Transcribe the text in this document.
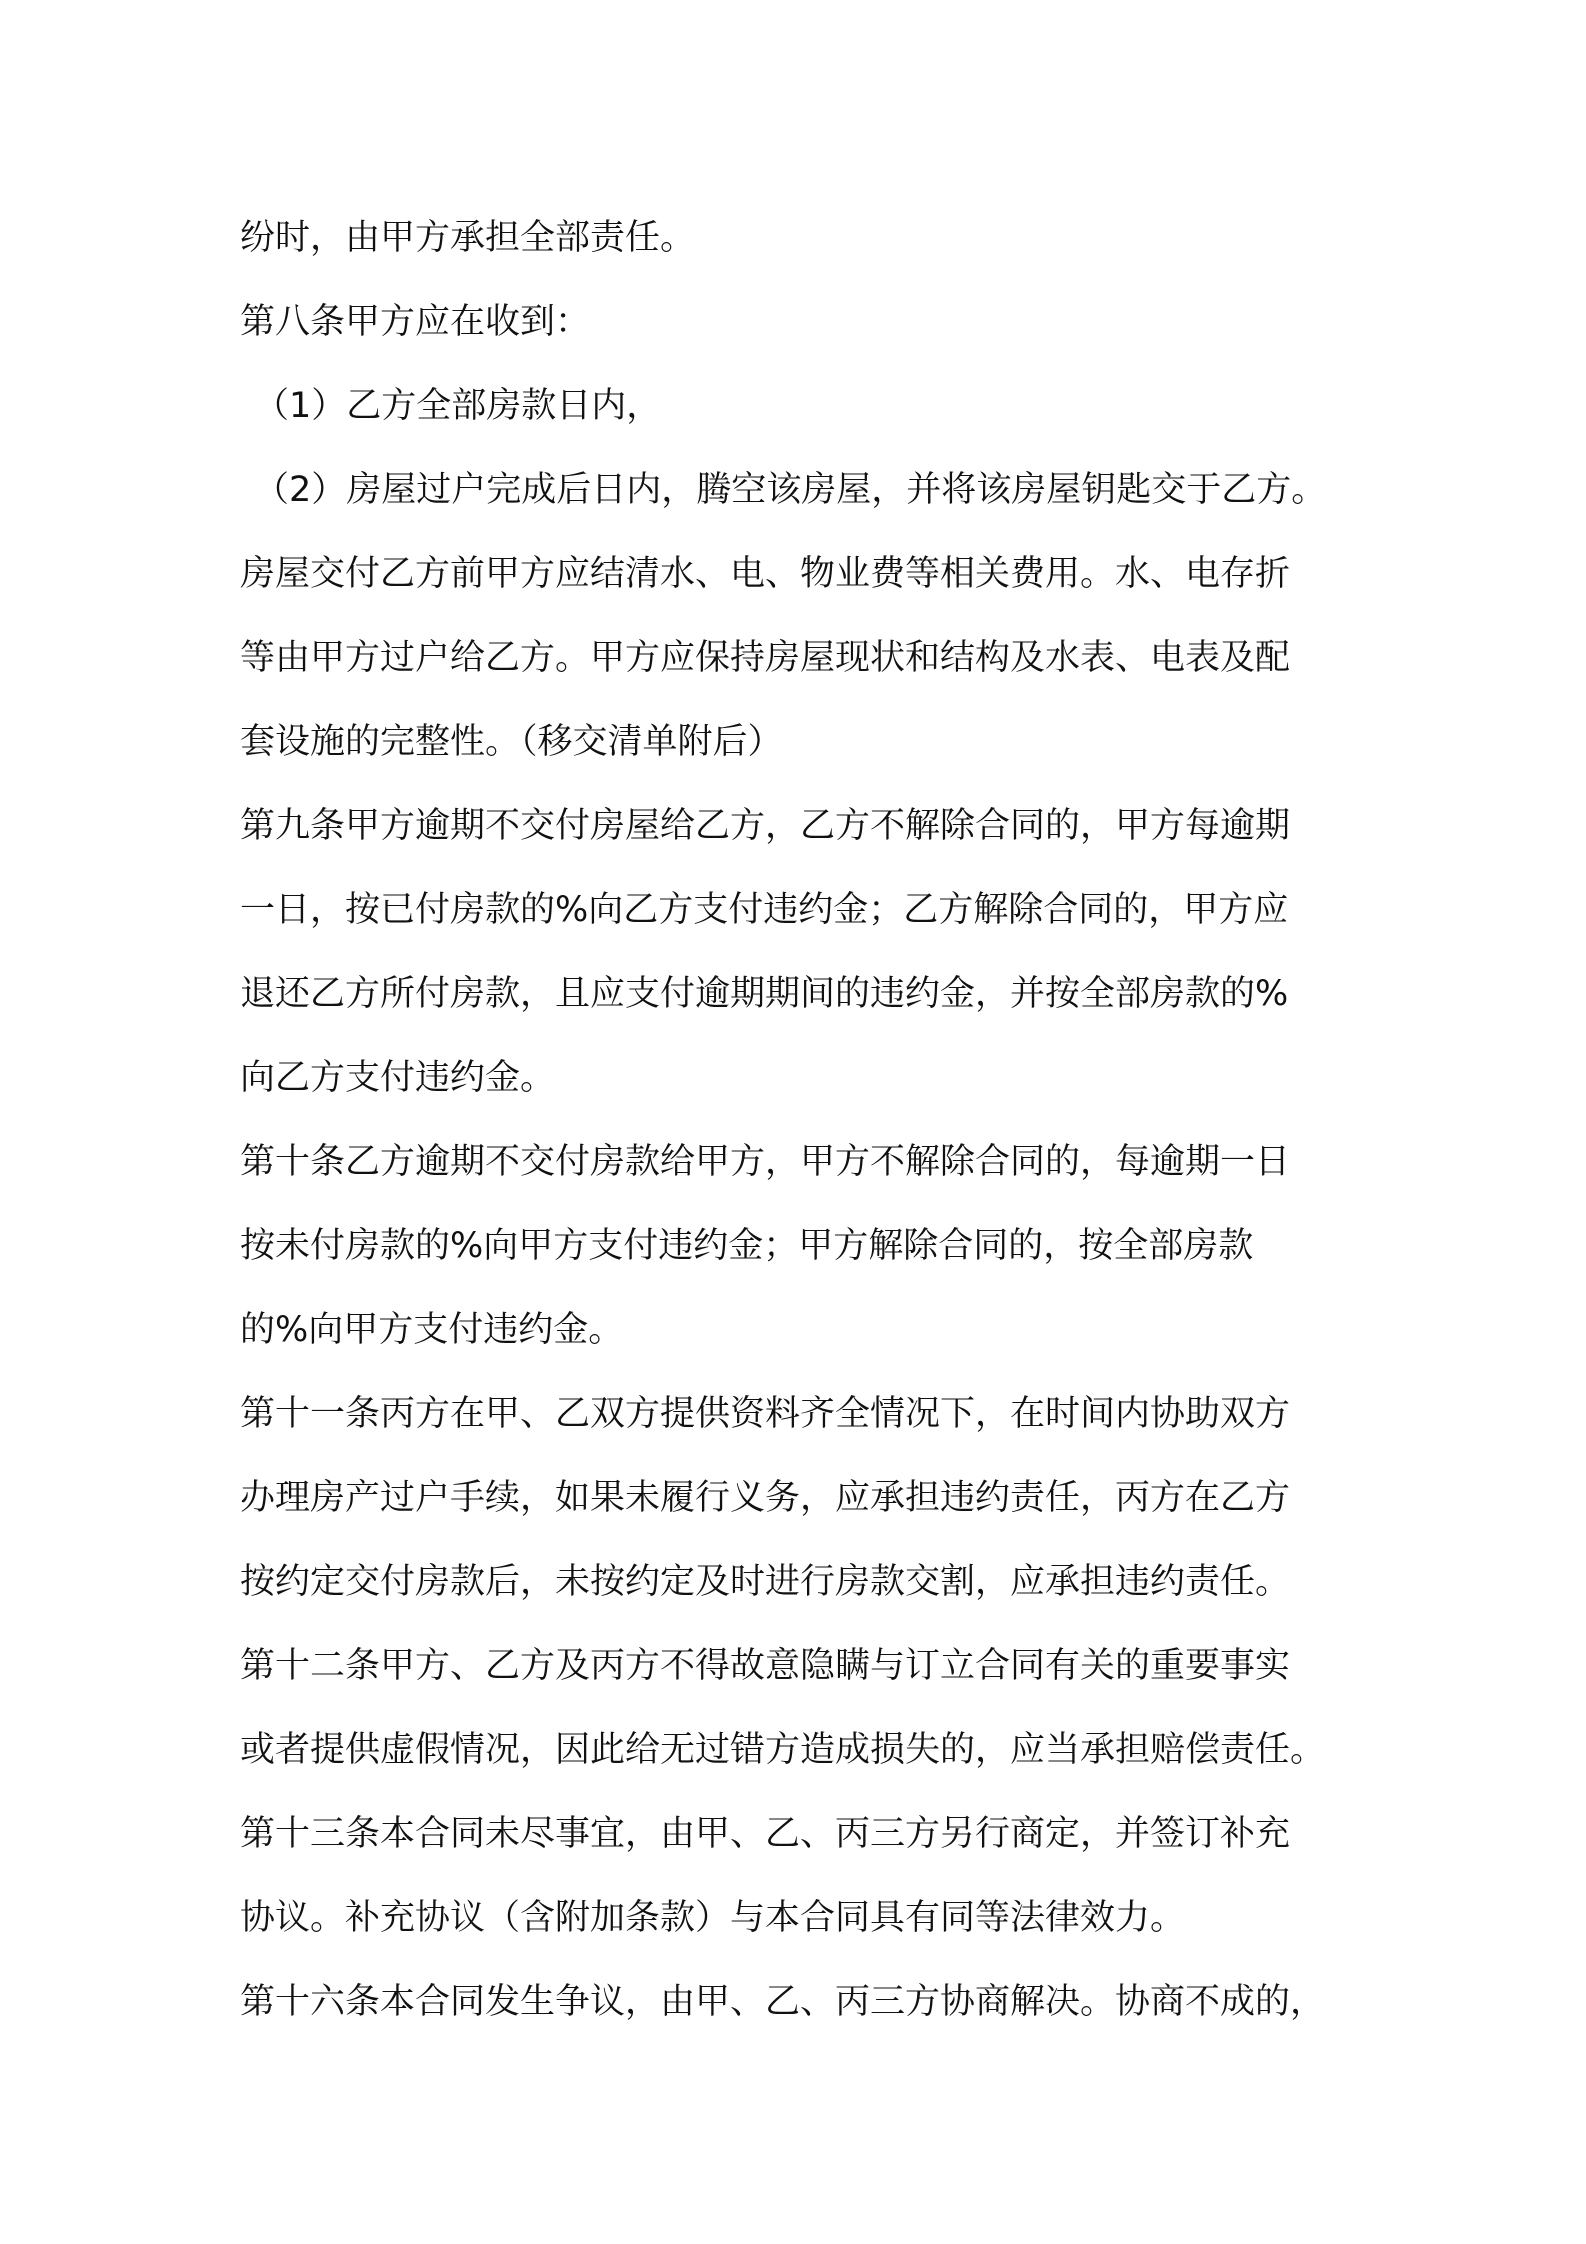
纷时，由甲方承担全部责任。
第八条甲方应在收到：
（1）乙方全部房款日内，
（2）房屋过户完成后日内，腾空该房屋，并将该房屋钥匙交于乙方。
房屋交付乙方前甲方应结清水、电、物业费等相关费用。水、电存折
等由甲方过户给乙方。甲方应保持房屋现状和结构及水表、电表及配
套设施的完整性。（移交清单附后）
第九条甲方逾期不交付房屋给乙方，乙方不解除合同的，甲方每逾期
一日，按已付房款的%向乙方支付违约金；乙方解除合同的，甲方应
退还乙方所付房款，且应支付逾期期间的违约金，并按全部房款的%
向乙方支付违约金。
第十条乙方逾期不交付房款给甲方，甲方不解除合同的，每逾期一日
按未付房款的%向甲方支付违约金；甲方解除合同的，按全部房款
的%向甲方支付违约金。
第十一条丙方在甲、乙双方提供资料齐全情况下，在时间内协助双方
办理房产过户手续，如果未履行义务，应承担违约责任，丙方在乙方
按约定交付房款后，未按约定及时进行房款交割，应承担违约责任。
第十二条甲方、乙方及丙方不得故意隐瞒与订立合同有关的重要事实
或者提供虚假情况，因此给无过错方造成损失的，应当承担赔偿责任。
第十三条本合同未尽事宜，由甲、乙、丙三方另行商定，并签订补充
协议。补充协议（含附加条款）与本合同具有同等法律效力。
第十六条本合同发生争议，由甲、乙、丙三方协商解决。协商不成的，
